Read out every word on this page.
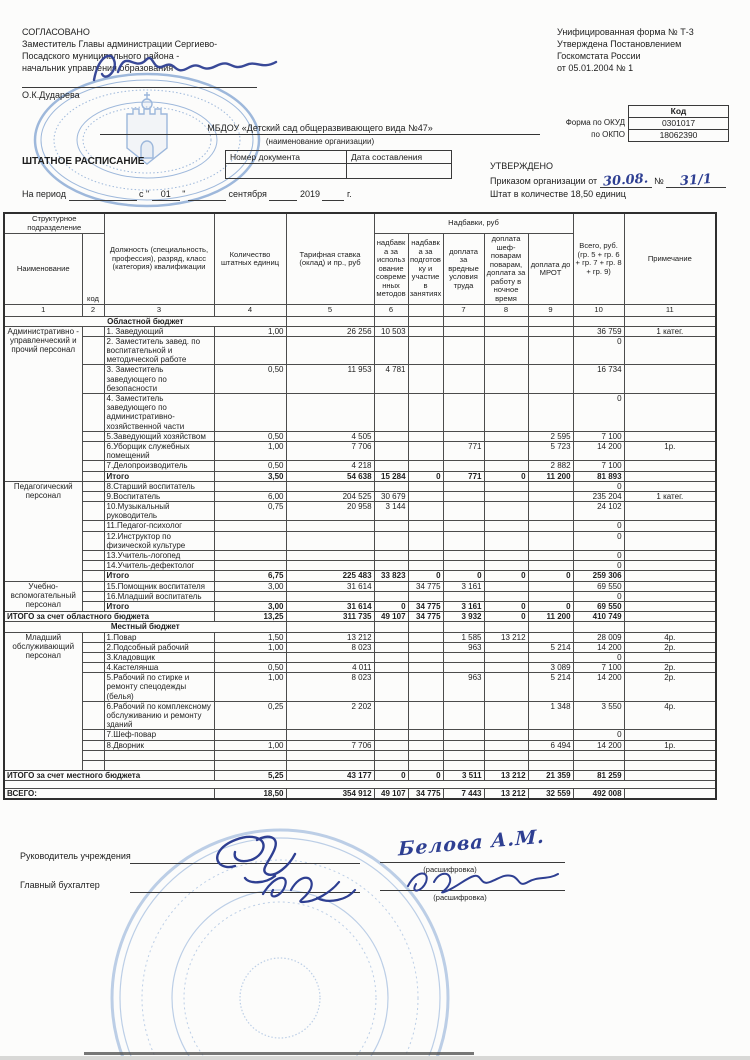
СОГЛАСОВАНО
Заместитель Главы администрации Сергиево-
Посадского муниципального района -
начальник управления образования
О.К.Дударева
Унифицированная форма № Т-3
Утверждена Постановлением
Госкомстата России
от 05.01.2004 № 1
Форма по ОКУД
по ОКПО
Код
0301017
18062390
МБДОУ «Детский сад общеразвивающего вида №47»
(наименование организации)
ШТАТНОЕ РАСПИСАНИЕ	Номер документа	Дата составления

На период	с " 01 "	сентября	2019	г.
УТВЕРЖДЕНО
Приказом организации от 30.08. № 31/1
Штат в количестве 18,50 единиц
Структурное подразделение		Должность (специальность, профессия), разряд, класс (категория) квалификации	Количество штатных единиц	Тарифная ставка (оклад) и пр., руб	Надбавки, руб					Всего, руб. (гр. 5 + гр. 6 + гр. 7 + гр. 8 + гр. 9)	Примечание
Наименование	код				надбавка за использование современных методов	надбавка за подготовку и участие в занятиях	доплата за вредные условия труда	доплата шеф-поварам поварам, доплата за работу в ночное время	доплата до МРОТ		
1	2	3	4	5	6		7	8	9	10	11
Областной бюджет											
Административно - управленческий и прочий персонал		1. Заведующий	1,00	26 256	10 503					36 759	1 катег.
		2. Заместитель завед. по воспитательной и методической работе								0	
		3. Заместитель заведующего по безопасности	0,50	11 953	4 781					16 734	
		4. Заместитель заведующего по административно-хозяйственной части								0	
		5.Заведующий хозяйством	0,50	4 505					2 595	7 100	
		6.Уборщик служебных помещений	1,00	7 706			771		5 723	14 200	1р.
		7.Делопроизводитель	0,50	4 218					2 882	7 100	
		Итого	3,50	54 638	15 284	0	771	0	11 200	81 893	
Педагогический персонал		8.Старший воспитатель								0	
		9.Воспитатель	6,00	204 525	30 679					235 204	1 катег.
		10.Музыкальный руководитель	0,75	20 958	3 144					24 102	
		11.Педагог-психолог								0	
		12.Инструктор по физической культуре								0	
		13.Учитель-логопед								0	
		14.Учитель-дефектолог								0	
		Итого	6,75	225 483	33 823	0	0	0	0	259 306	
Учебно-вспомогательный персонал		15.Помощник воспитателя	3,00	31 614		34 775	3 161			69 550	
		16.Младший воспитатель								0	
		Итого	3,00	31 614	0	34 775	3 161	0	0	69 550	
ИТОГО за счет областного бюджета			13,25	311 735	49 107	34 775	3 932	0	11 200	410 749	
Местный бюджет											
Младший обслуживающий персонал		1.Повар	1,50	13 212			1 585	13 212		28 009	4р.
		2.Подсобный рабочий	1,00	8 023			963		5 214	14 200	2р.
		3.Кладовщик								0	
		4.Кастелянша	0,50	4 011					3 089	7 100	2р.
		5.Рабочий по стирке и ремонту спецодежды (белья)	1,00	8 023			963		5 214	14 200	2р.
		6.Рабочий по комплексному обслуживанию и ремонту зданий	0,25	2 202					1 348	3 550	4р.
		7.Шеф-повар								0	
		8.Дворник	1,00	7 706					6 494	14 200	1р.

ИТОГО за счет местного бюджета			5,25	43 177	0	0	3 511	13 212	21 359	81 259	

ВСЕГО:			18,50	354 912	49 107	34 775	7 443	13 212	32 559	492 008	
Руководитель учреждения	Белова А.М.
(расшифровка)
Главный бухгалтер
(расшифровка)
